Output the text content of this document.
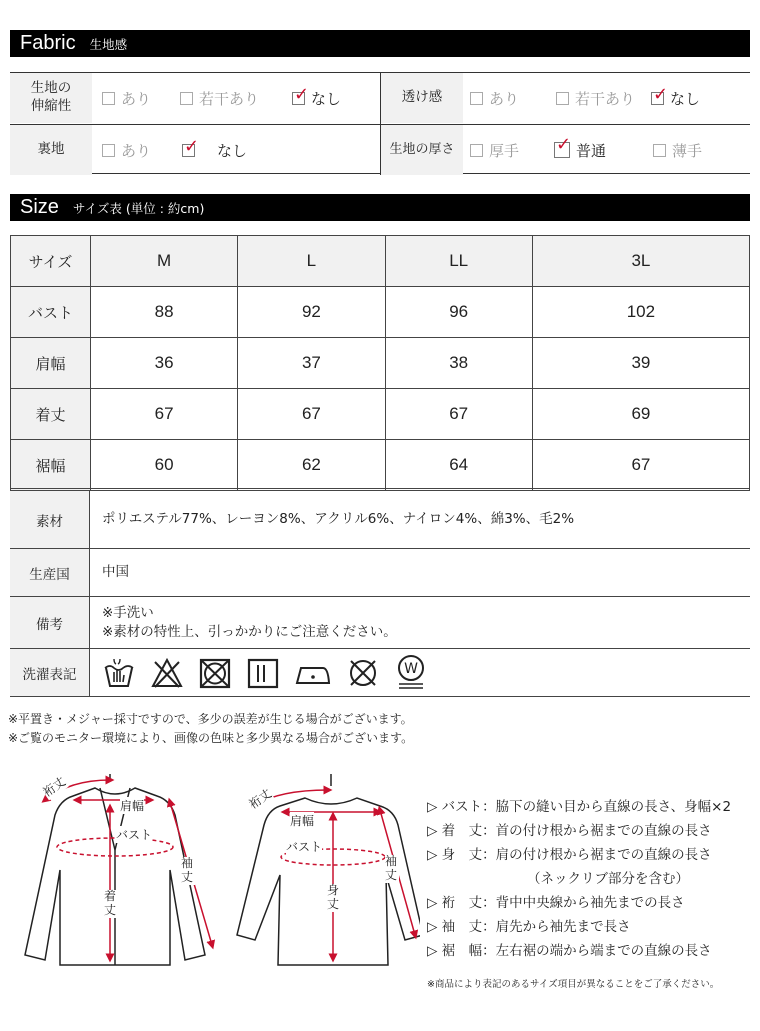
Fabric 生地感
生地の
伸縮性	あり	若干あり ✓ なし	透け感	あり	若干あり ✓ なし
裏地	あり ✓ なし	生地の厚さ	厚手 ✓ 普通	薄手
Size サイズ表 (単位 : 約cm)
サイズ	M	L	LL	3L
バスト	88	92	96	102
肩幅	36	37	38	39
着丈	67	67	67	69
裾幅	60	62	64	67
素材	ポリエステル77%、レーヨン8%、アクリル6%、ナイロン4%、綿3%、毛2%
生産国	中国
備考
※手洗い
※素材の特性上、引っかかりにご注意ください。
洗濯表記	W
※平置き・メジャー採寸ですので、多少の誤差が生じる場合がございます。
※ご覧のモニター環境により、画像の色味と多少異なる場合がございます。
裄丈
肩幅
バスト
着丈
袖丈
裄丈
肩幅
バスト
身丈
袖丈
▷ バスト：脇下の縫い目から直線の長さ、身幅×2
▷ 着　丈：首の付け根から裾までの直線の長さ
▷ 身　丈：肩の付け根から裾までの直線の長さ
（ネックリブ部分を含む）
▷ 裄　丈：背中中央線から袖先までの長さ
▷ 袖　丈：肩先から袖先まで長さ
▷ 裾　幅：左右裾の端から端までの直線の長さ
※商品により表記のあるサイズ項目が異なることをご了承ください。
